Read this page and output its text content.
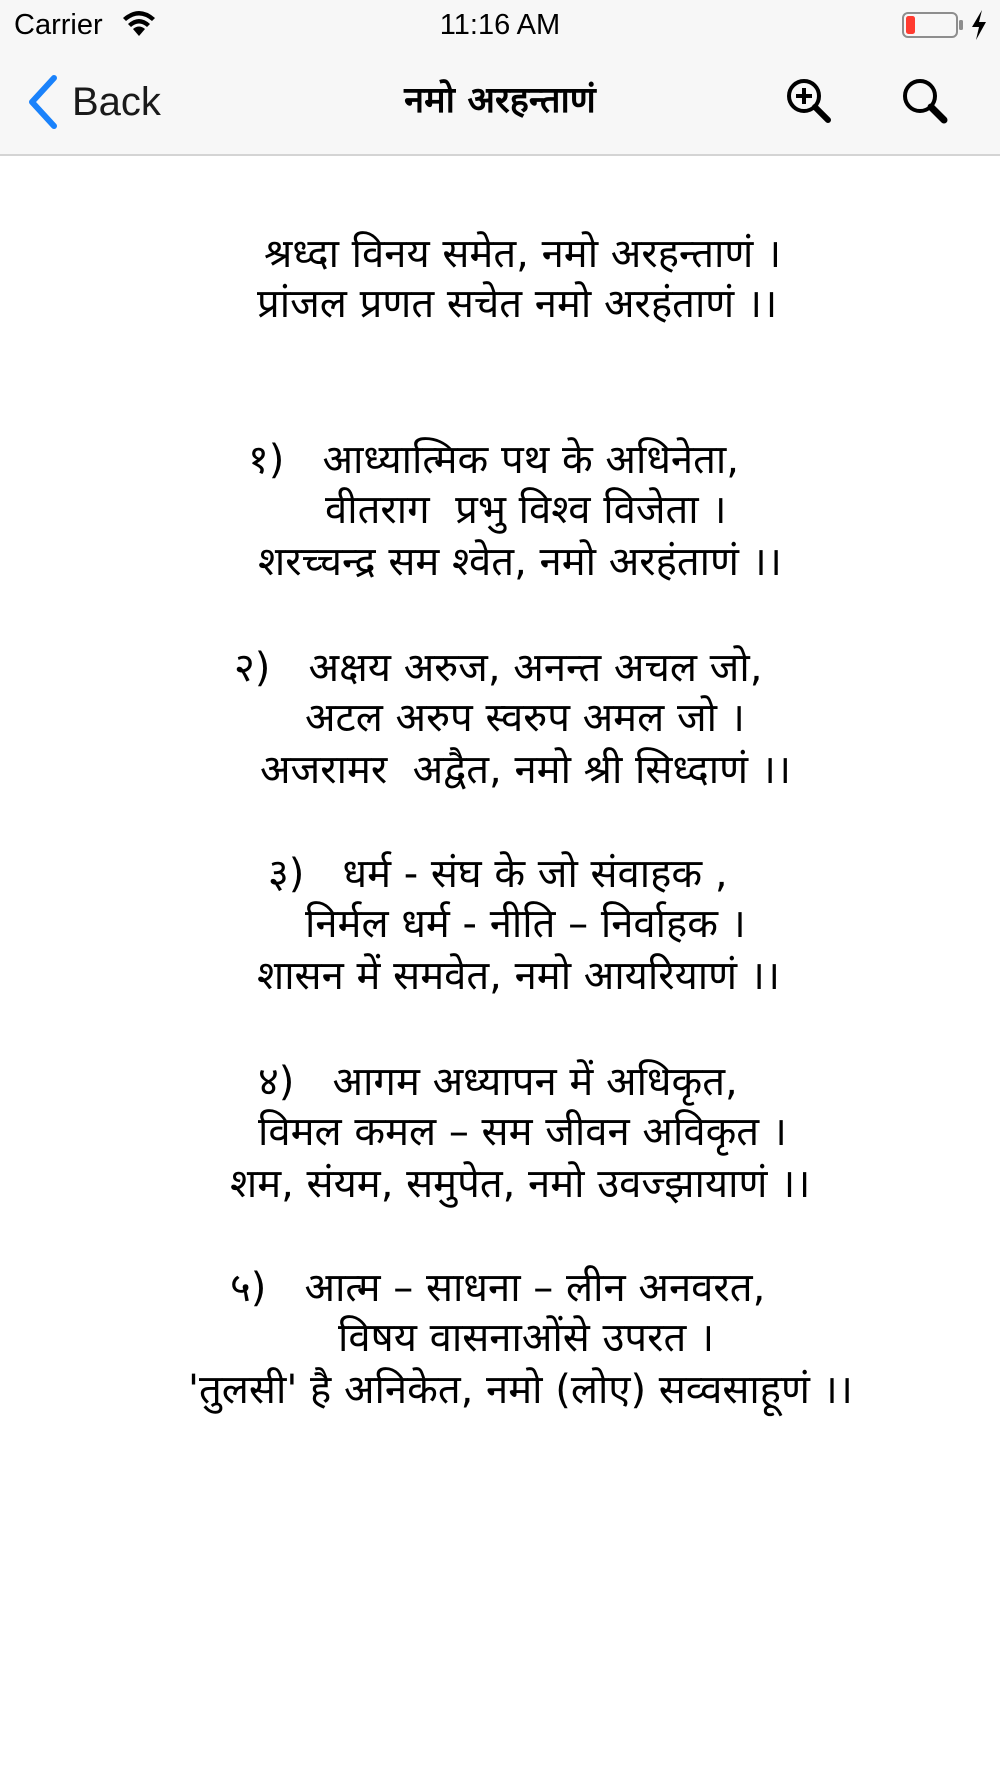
Carrier	11:16 AM
Back	नमो अरहन्ताणं
श्रध्दा विनय समेत, नमो अरहन्ताणं ।
प्रांजल प्रणत सचेत नमो अरहंताणं ।।
१)   आध्यात्मिक पथ के अधिनेता,
वीतराग  प्रभु विश्व विजेता ।
शरच्चन्द्र सम श्वेत, नमो अरहंताणं ।।
२)   अक्षय अरुज, अनन्त अचल जो,
अटल अरुप स्वरुप अमल जो ।
अजरामर  अद्वैत, नमो श्री सिध्दाणं ।।
३)   धर्म - संघ के जो संवाहक ,
निर्मल धर्म - नीति – निर्वाहक ।
शासन में समवेत, नमो आयरियाणं ।।
४)   आगम अध्यापन में अधिकृत,
विमल कमल – सम जीवन अविकृत ।
शम, संयम, समुपेत, नमो उवज्झायाणं ।।
५)   आत्म – साधना – लीन अनवरत,
विषय वासनाओंसे उपरत ।
'तुलसी' है अनिकेत, नमो (लोए) सव्वसाहूणं ।।
